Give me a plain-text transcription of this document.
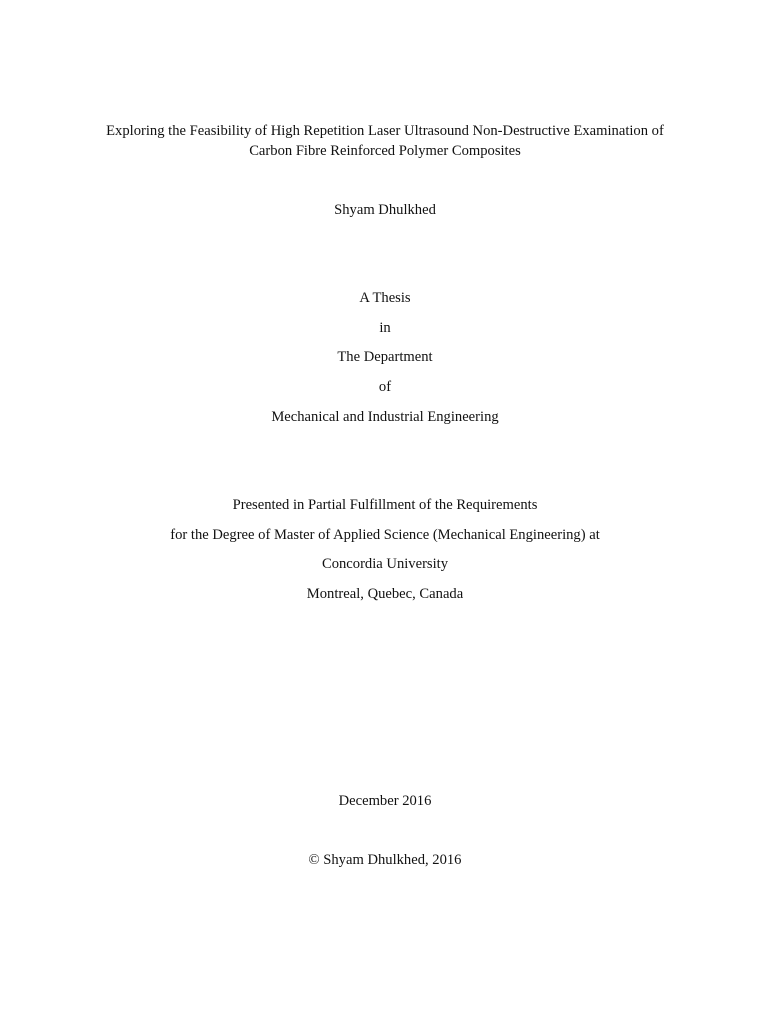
Exploring the Feasibility of High Repetition Laser Ultrasound Non-Destructive Examination of
Carbon Fibre Reinforced Polymer Composites

Shyam Dhulkhed

A Thesis

in

The Department

of

Mechanical and Industrial Engineering

Presented in Partial Fulfillment of the Requirements

for the Degree of Master of Applied Science (Mechanical Engineering) at

Concordia University

Montreal, Quebec, Canada

December 2016

© Shyam Dhulkhed, 2016
